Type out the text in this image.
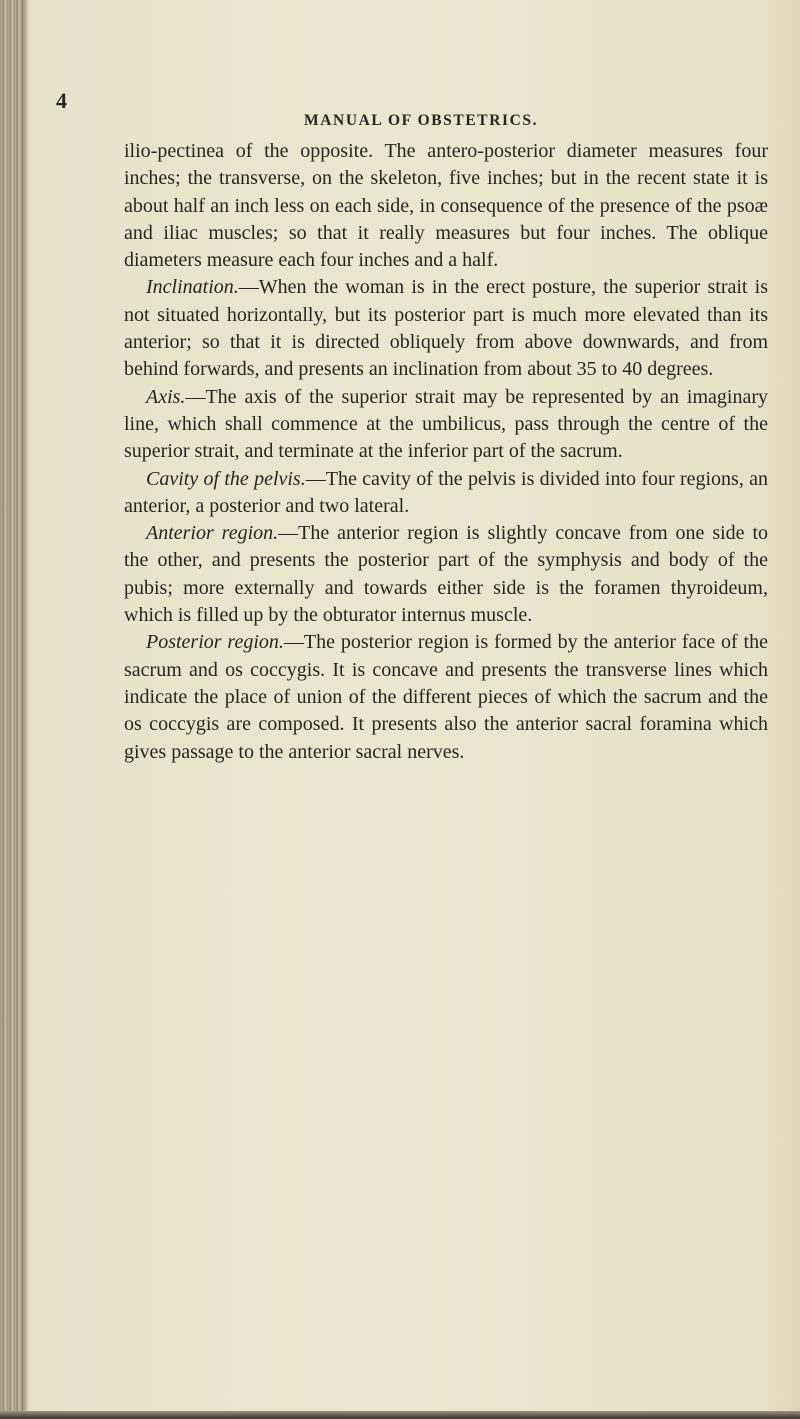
4
MANUAL OF OBSTETRICS.

ilio-pectinea of the opposite. The antero-posterior diameter measures four inches; the transverse, on the skeleton, five inches; but in the recent state it is about half an inch less on each side, in consequence of the presence of the psoæ and iliac muscles; so that it really measures but four inches. The oblique diameters measure each four inches and a half.

Inclination.—When the woman is in the erect posture, the superior strait is not situated horizontally, but its posterior part is much more elevated than its anterior; so that it is directed obliquely from above downwards, and from behind forwards, and presents an inclination from about 35 to 40 degrees.

Axis.—The axis of the superior strait may be represented by an imaginary line, which shall commence at the umbilicus, pass through the centre of the superior strait, and terminate at the inferior part of the sacrum.

Cavity of the pelvis.—The cavity of the pelvis is divided into four regions, an anterior, a posterior and two lateral.

Anterior region.—The anterior region is slightly concave from one side to the other, and presents the posterior part of the symphysis and body of the pubis; more externally and towards either side is the foramen thyroideum, which is filled up by the obturator internus muscle.

Posterior region.—The posterior region is formed by the anterior face of the sacrum and os coccygis. It is concave and presents the transverse lines which indicate the place of union of the different pieces of which the sacrum and the os coccygis are composed. It presents also the anterior sacral foramina which gives passage to the anterior sacral nerves.
